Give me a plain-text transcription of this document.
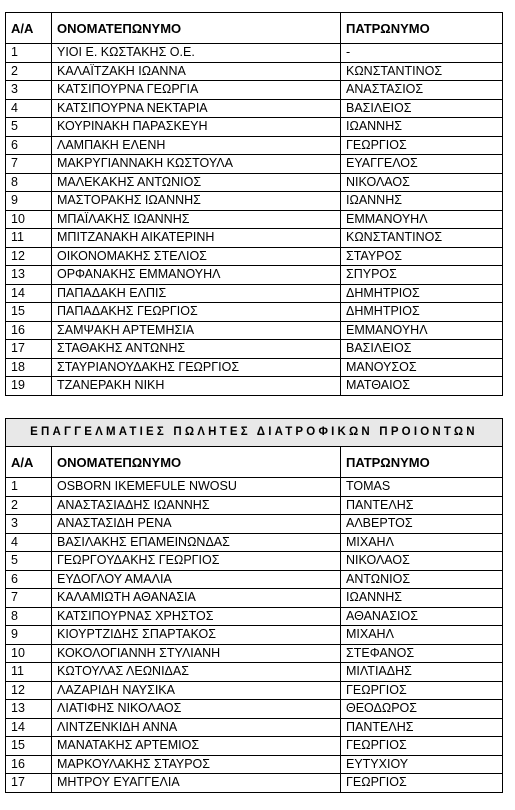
Α/Α	ΟΝΟΜΑΤΕΠΩΝΥΜΟ	ΠΑΤΡΩΝΥΜΟ
1	ΥΙΟΙ Ε. ΚΩΣΤΑΚΗΣ Ο.Ε.	-
2	ΚΑΛΑΪΤΖΑΚΗ ΙΩΑΝΝΑ	ΚΩΝΣΤΑΝΤΙΝΟΣ
3	ΚΑΤΣΙΠΟΥΡΝΑ ΓΕΩΡΓΙΑ	ΑΝΑΣΤΑΣΙΟΣ
4	ΚΑΤΣΙΠΟΥΡΝΑ ΝΕΚΤΑΡΙΑ	ΒΑΣΙΛΕΙΟΣ
5	ΚΟΥΡΙΝΑΚΗ ΠΑΡΑΣΚΕΥΗ	ΙΩΑΝΝΗΣ
6	ΛΑΜΠΑΚΗ ΕΛΕΝΗ	ΓΕΩΡΓΙΟΣ
7	ΜΑΚΡΥΓΙΑΝΝΑΚΗ ΚΩΣΤΟΥΛΑ	ΕΥΑΓΓΕΛΟΣ
8	ΜΑΛΕΚΑΚΗΣ ΑΝΤΩΝΙΟΣ	ΝΙΚΟΛΑΟΣ
9	ΜΑΣΤΟΡΑΚΗΣ ΙΩΑΝΝΗΣ	ΙΩΑΝΝΗΣ
10	ΜΠΑΪΛΑΚΗΣ ΙΩΑΝΝΗΣ	ΕΜΜΑΝΟΥΗΛ
11	ΜΠΙΤΖΑΝΑΚΗ ΑΙΚΑΤΕΡΙΝΗ	ΚΩΝΣΤΑΝΤΙΝΟΣ
12	ΟΙΚΟΝΟΜΑΚΗΣ ΣΤΕΛΙΟΣ	ΣΤΑΥΡΟΣ
13	ΟΡΦΑΝΑΚΗΣ ΕΜΜΑΝΟΥΗΛ	ΣΠΥΡΟΣ
14	ΠΑΠΑΔΑΚΗ ΕΛΠΙΣ	ΔΗΜΗΤΡΙΟΣ
15	ΠΑΠΑΔΑΚΗΣ ΓΕΩΡΓΙΟΣ	ΔΗΜΗΤΡΙΟΣ
16	ΣΑΜΨΑΚΗ ΑΡΤΕΜΗΣΙΑ	ΕΜΜΑΝΟΥΗΛ
17	ΣΤΑΘΑΚΗΣ ΑΝΤΩΝΗΣ	ΒΑΣΙΛΕΙΟΣ
18	ΣΤΑΥΡΙΑΝΟΥΔΑΚΗΣ ΓΕΩΡΓΙΟΣ	ΜΑΝΟΥΣΟΣ
19	ΤΖΑΝΕΡΑΚΗ ΝΙΚΗ	ΜΑΤΘΑΙΟΣ
ΕΠΑΓΓΕΛΜΑΤΙΕΣ ΠΩΛΗΤΕΣ ΔΙΑΤΡΟΦΙΚΩΝ ΠΡΟΙΟΝΤΩΝ		
Α/Α	ΟΝΟΜΑΤΕΠΩΝΥΜΟ	ΠΑΤΡΩΝΥΜΟ
1	OSBORN IKEMEFULE NWOSU	TOMAS
2	ΑΝΑΣΤΑΣΙΑΔΗΣ ΙΩΑΝΝΗΣ	ΠΑΝΤΕΛΗΣ
3	ΑΝΑΣΤΑΣΙΔΗ ΡΕΝΑ	ΑΛΒΕΡΤΟΣ
4	ΒΑΣΙΛΑΚΗΣ ΕΠΑΜΕΙΝΩΝΔΑΣ	ΜΙΧΑΗΛ
5	ΓΕΩΡΓΟΥΔΑΚΗΣ ΓΕΩΡΓΙΟΣ	ΝΙΚΟΛΑΟΣ
6	ΕΥΔΟΓΛΟΥ ΑΜΑΛΙΑ	ΑΝΤΩΝΙΟΣ
7	ΚΑΛΑΜΙΩΤΗ ΑΘΑΝΑΣΙΑ	ΙΩΑΝΝΗΣ
8	ΚΑΤΣΙΠΟΥΡΝΑΣ ΧΡΗΣΤΟΣ	ΑΘΑΝΑΣΙΟΣ
9	ΚΙΟΥΡΤΖΙΔΗΣ ΣΠΑΡΤΑΚΟΣ	ΜΙΧΑΗΛ
10	ΚΟΚΟΛΟΓΙΑΝΝΗ ΣΤΥΛΙΑΝΗ	ΣΤΕΦΑΝΟΣ
11	ΚΩΤΟΥΛΑΣ ΛΕΩΝΙΔΑΣ	ΜΙΛΤΙΑΔΗΣ
12	ΛΑΖΑΡΙΔΗ ΝΑΥΣΙΚΑ	ΓΕΩΡΓΙΟΣ
13	ΛΙΑΤΙΦΗΣ ΝΙΚΟΛΑΟΣ	ΘΕΟΔΩΡΟΣ
14	ΛΙΝΤΖΕΝΚΙΔΗ ΑΝΝΑ	ΠΑΝΤΕΛΗΣ
15	ΜΑΝΑΤΑΚΗΣ ΑΡΤΕΜΙΟΣ	ΓΕΩΡΓΙΟΣ
16	ΜΑΡΚΟΥΛΑΚΗΣ ΣΤΑΥΡΟΣ	ΕΥΤΥΧΙΟΥ
17	ΜΗΤΡΟΥ ΕΥΑΓΓΕΛΙΑ	ΓΕΩΡΓΙΟΣ
